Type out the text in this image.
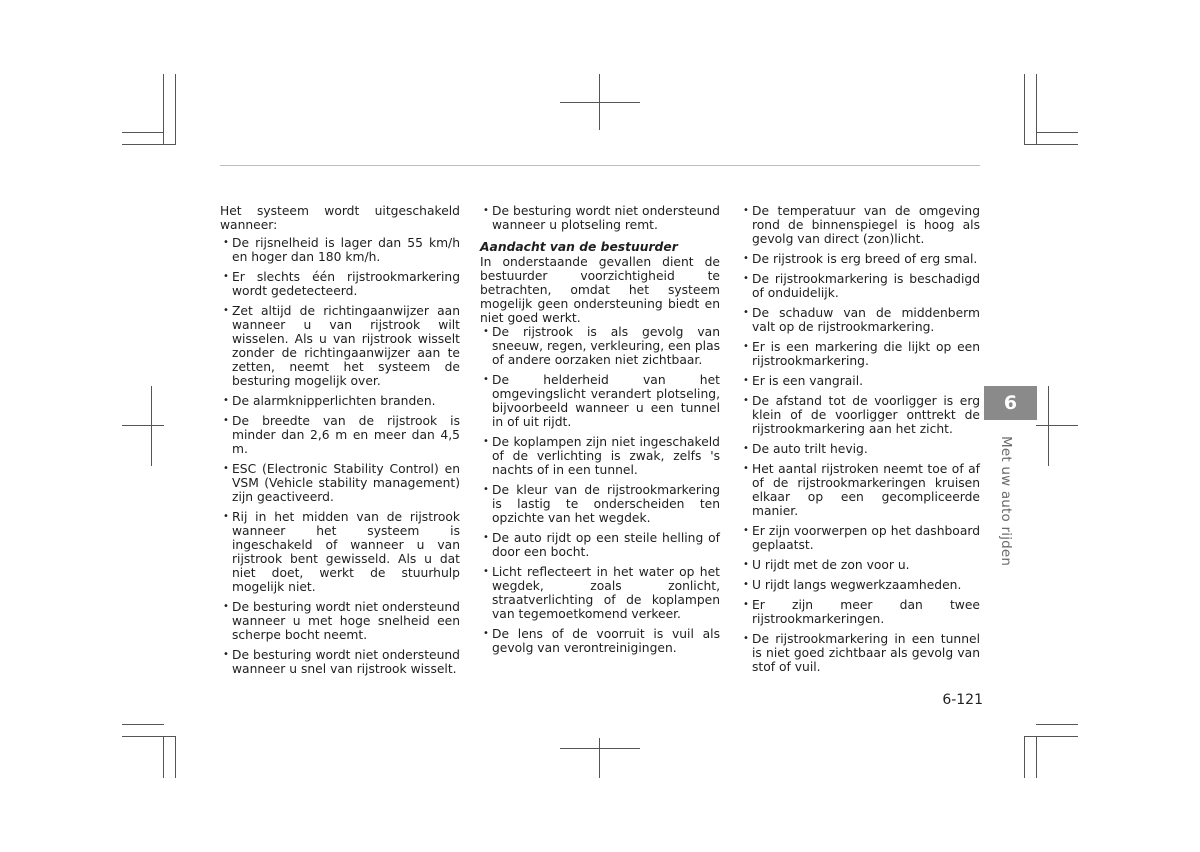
Het systeem wordt uitgeschakeld wanneer:

• De rijsnelheid is lager dan 55 km/h en hoger dan 180 km/h.
• Er slechts één rijstrookmarkering wordt gedetecteerd.
• Zet altijd de richtingaanwijzer aan wanneer u van rijstrook wilt wisselen. Als u van rijstrook wisselt zonder de richtingaanwijzer aan te zetten, neemt het systeem de besturing mogelijk over.
• De alarmknipperlichten branden.
• De breedte van de rijstrook is minder dan 2,6 m en meer dan 4,5 m.
• ESC (Electronic Stability Control) en VSM (Vehicle stability management) zijn geactiveerd.
• Rij in het midden van de rijstrook wanneer het systeem is ingeschakeld of wanneer u van rijstrook bent gewisseld. Als u dat niet doet, werkt de stuurhulp mogelijk niet.
• De besturing wordt niet ondersteund wanneer u met hoge snelheid een scherpe bocht neemt.
• De besturing wordt niet ondersteund wanneer u snel van rijstrook wisselt.
• De besturing wordt niet ondersteund wanneer u plotseling remt.
Aandacht van de bestuurder

In onderstaande gevallen dient de bestuurder voorzichtigheid te betrachten, omdat het systeem mogelijk geen ondersteuning biedt en niet goed werkt.

• De rijstrook is als gevolg van sneeuw, regen, verkleuring, een plas of andere oorzaken niet zichtbaar.
• De helderheid van het omgevingslicht verandert plotseling, bijvoorbeeld wanneer u een tunnel in of uit rijdt.
• De koplampen zijn niet ingeschakeld of de verlichting is zwak, zelfs 's nachts of in een tunnel.
• De kleur van de rijstrookmarkering is lastig te onderscheiden ten opzichte van het wegdek.
• De auto rijdt op een steile helling of door een bocht.
• Licht reflecteert in het water op het wegdek, zoals zonlicht, straatverlichting of de koplampen van tegemoetkomend verkeer.
• De lens of de voorruit is vuil als gevolg van verontreinigingen.
• De temperatuur van de omgeving rond de binnenspiegel is hoog als gevolg van direct (zon)licht.
• De rijstrook is erg breed of erg smal.
• De rijstrookmarkering is beschadigd of onduidelijk.
• De schaduw van de middenberm valt op de rijstrookmarkering.
• Er is een markering die lijkt op een rijstrookmarkering.
• Er is een vangrail.
• De afstand tot de voorligger is erg klein of de voorligger onttrekt de rijstrookmarkering aan het zicht.
• De auto trilt hevig.
• Het aantal rijstroken neemt toe of af of de rijstrookmarkeringen kruisen elkaar op een gecompliceerde manier.
• Er zijn voorwerpen op het dashboard geplaatst.
• U rijdt met de zon voor u.
• U rijdt langs wegwerkzaamheden.
• Er zijn meer dan twee rijstrookmarkeringen.
• De rijstrookmarkering in een tunnel is niet goed zichtbaar als gevolg van stof of vuil.
6
Met uw auto rijden
6-121
